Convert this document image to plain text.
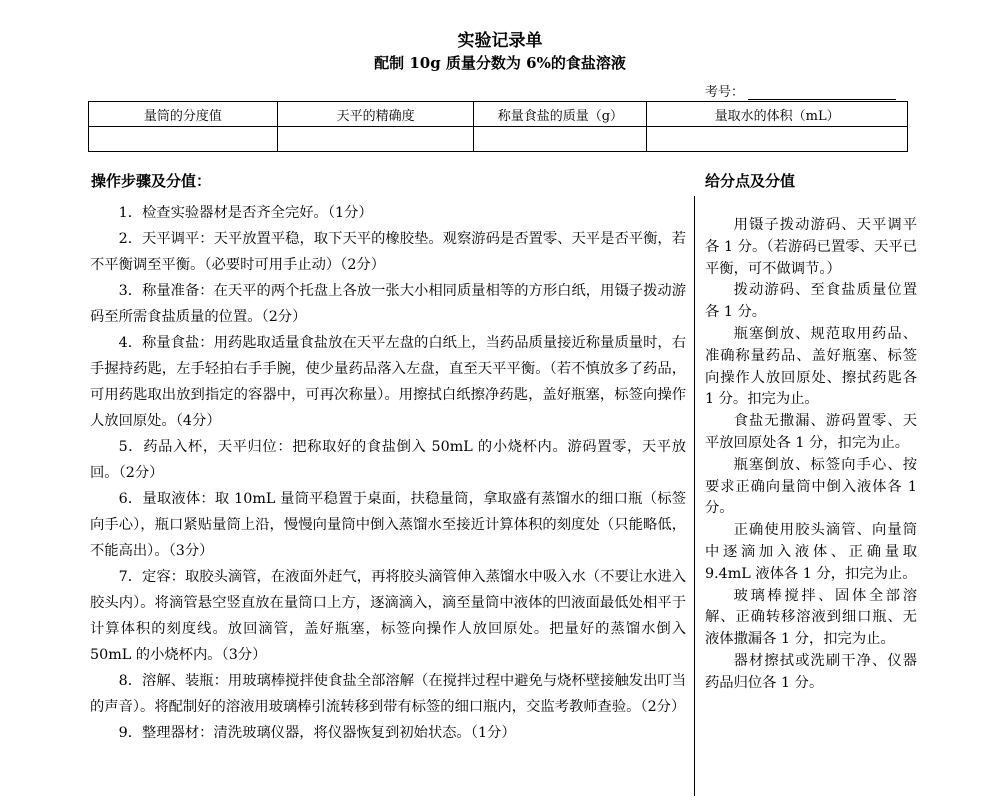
实验记录单
配制 10g 质量分数为 6%的食盐溶液
考号：
量筒的分度值	天平的精确度	称量食盐的质量（g）	量取水的体积（mL）

操作步骤及分值：	给分点及分值

1．检查实验器材是否齐全完好。（1分）

2．天平调平：天平放置平稳，取下天平的橡胶垫。观察游码是否置零、天平是否平衡，若不平衡调至平衡。（必要时可用手止动）（2分）

3．称量准备：在天平的两个托盘上各放一张大小相同质量相等的方形白纸，用镊子拨动游码至所需食盐质量的位置。（2分）

4．称量食盐：用药匙取适量食盐放在天平左盘的白纸上，当药品质量接近称量质量时，右手握持药匙，左手轻拍右手手腕，使少量药品落入左盘，直至天平平衡。（若不慎放多了药品，可用药匙取出放到指定的容器中，可再次称量）。用擦拭白纸擦净药匙，盖好瓶塞，标签向操作人放回原处。（4分）

5．药品入杯，天平归位：把称取好的食盐倒入 50mL 的小烧杯内。游码置零，天平放回。（2分）

6．量取液体：取 10mL 量筒平稳置于桌面，扶稳量筒，拿取盛有蒸馏水的细口瓶（标签向手心），瓶口紧贴量筒上沿，慢慢向量筒中倒入蒸馏水至接近计算体积的刻度处（只能略低，不能高出）。（3分）

7．定容：取胶头滴管，在液面外赶气，再将胶头滴管伸入蒸馏水中吸入水（不要让水进入胶头内）。将滴管悬空竖直放在量筒口上方，逐滴滴入，滴至量筒中液体的凹液面最低处相平于计算体积的刻度线。放回滴管，盖好瓶塞，标签向操作人放回原处。把量好的蒸馏水倒入 50mL 的小烧杯内。（3分）

8．溶解、装瓶：用玻璃棒搅拌使食盐全部溶解（在搅拌过程中避免与烧杯壁接触发出叮当的声音）。将配制好的溶液用玻璃棒引流转移到带有标签的细口瓶内，交监考教师查验。（2分）

9．整理器材：清洗玻璃仪器，将仪器恢复到初始状态。（1分）

用镊子拨动游码、天平调平各 1 分。（若游码已置零、天平已平衡，可不做调节。）

拨动游码、至食盐质量位置各 1 分。

瓶塞倒放、规范取用药品、准确称量药品、盖好瓶塞、标签向操作人放回原处、擦拭药匙各 1 分。扣完为止。

食盐无撒漏、游码置零、天平放回原处各 1 分，扣完为止。

瓶塞倒放、标签向手心、按要求正确向量筒中倒入液体各 1 分。

正确使用胶头滴管、向量筒中逐滴加入液体、正确量取 9.4mL 液体各 1 分，扣完为止。

玻璃棒搅拌、固体全部溶解、正确转移溶液到细口瓶、无液体撒漏各 1 分，扣完为止。

器材擦拭或洗刷干净、仪器药品归位各 1 分。
